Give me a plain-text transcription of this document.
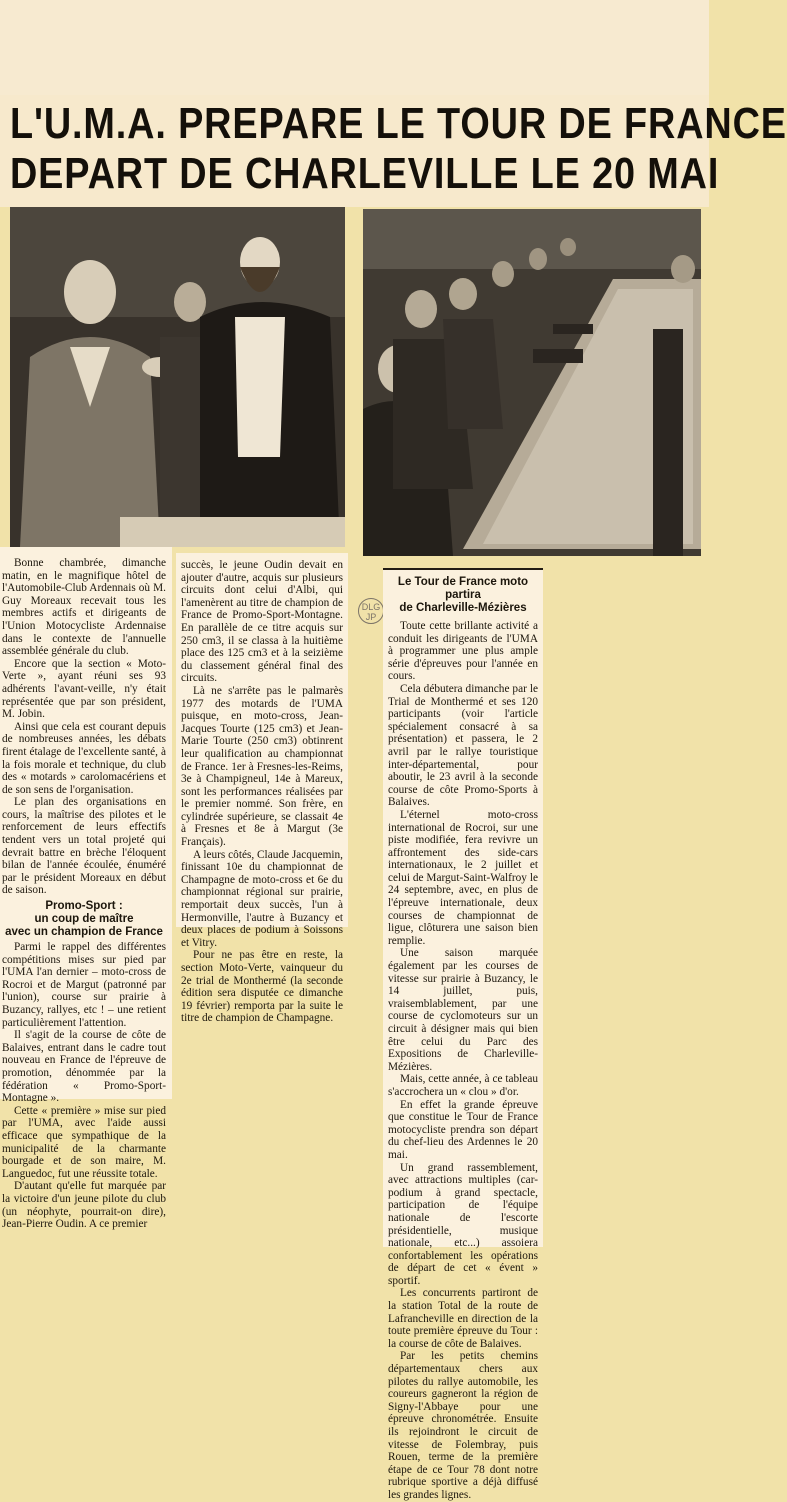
L'U.M.A. PREPARE LE TOUR DE FRANCE
DEPART DE CHARLEVILLE LE 20 MAI

Bonne chambrée, dimanche matin, en le magnifique hôtel de l'Automobile-Club Ardennais où M. Guy Moreaux recevait tous les membres actifs et dirigeants de l'Union Motocycliste Ardennaise dans le contexte de l'annuelle assemblée générale du club.

Encore que la section « Moto-Verte », ayant réuni ses 93 adhérents l'avant-veille, n'y était représentée que par son président, M. Jobin.

Ainsi que cela est courant depuis de nombreuses années, les débats firent étalage de l'excellente santé, à la fois morale et technique, du club des « motards » carolomacériens et de son sens de l'organisation.

Le plan des organisations en cours, la maîtrise des pilotes et le renforcement de leurs effectifs tendent vers un total projeté qui devrait battre en brèche l'éloquent bilan de l'année écoulée, énuméré par le président Moreaux en début de saison.

Promo-Sport :
un coup de maître
avec un champion de France

Parmi le rappel des différentes compétitions mises sur pied par l'UMA l'an dernier – moto-cross de Rocroi et de Margut (patronné par l'union), course sur prairie à Buzancy, rallyes, etc ! – une retient particulièrement l'attention.

Il s'agit de la course de côte de Balaives, entrant dans le cadre tout nouveau en France de l'épreuve de promotion, dénommée par la fédération « Promo-Sport-Montagne ».

Cette « première » mise sur pied par l'UMA, avec l'aide aussi efficace que sympathique de la municipalité de la charmante bourgade et de son maire, M. Languedoc, fut une réussite totale.

D'autant qu'elle fut marquée par la victoire d'un jeune pilote du club (un néophyte, pourrait-on dire), Jean-Pierre Oudin. A ce premier

succès, le jeune Oudin devait en ajouter d'autre, acquis sur plusieurs circuits dont celui d'Albi, qui l'amenèrent au titre de champion de France de Promo-Sport-Montagne. En parallèle de ce titre acquis sur 250 cm3, il se classa à la huitième place des 125 cm3 et à la seizième du classement général final des circuits.

Là ne s'arrête pas le palmarès 1977 des motards de l'UMA puisque, en moto-cross, Jean-Jacques Tourte (125 cm3) et Jean-Marie Tourte (250 cm3) obtinrent leur qualification au championnat de France. 1er à Fresnes-les-Reims, 3e à Champigneul, 14e à Mareux, sont les performances réalisées par le premier nommé. Son frère, en cylindrée supérieure, se classait 4e à Fresnes et 8e à Margut (3e Français).

A leurs côtés, Claude Jacquemin, finissant 10e du championnat de Champagne de moto-cross et 6e du championnat régional sur prairie, remportait deux succès, l'un à Hermonville, l'autre à Buzancy et deux places de podium à Soissons et Vitry.

Pour ne pas être en reste, la section Moto-Verte, vainqueur du 2e trial de Monthermé (la seconde édition sera disputée ce dimanche 19 février) remporta par la suite le titre de champion de Champagne.

DLG JP
Le Tour de France moto
partira
de Charleville-Mézières

Toute cette brillante activité a conduit les dirigeants de l'UMA à programmer une plus ample série d'épreuves pour l'année en cours.

Cela débutera dimanche par le Trial de Monthermé et ses 120 participants (voir l'article spécialement consacré à sa présentation) et passera, le 2 avril par le rallye touristique inter-départemental, pour aboutir, le 23 avril à la seconde course de côte Promo-Sports à Balaives.

L'éternel moto-cross international de Rocroi, sur une piste modifiée, fera revivre un affrontement des side-cars internationaux, le 2 juillet et celui de Margut-Saint-Walfroy le 24 septembre, avec, en plus de l'épreuve internationale, deux courses de championnat de ligue, clôturera une saison bien remplie.

Une saison marquée également par les courses de vitesse sur prairie à Buzancy, le 14 juillet, puis, vraisemblablement, par une course de cyclomoteurs sur un circuit à désigner mais qui bien être celui du Parc des Expositions de Charleville-Mézières.

Mais, cette année, à ce tableau s'accrochera un « clou » d'or.

En effet la grande épreuve que constitue le Tour de France motocycliste prendra son départ du chef-lieu des Ardennes le 20 mai.

Un grand rassemblement, avec attractions multiples (car-podium à grand spectacle, participation de l'équipe nationale de l'escorte présidentielle, musique nationale, etc...) assoiera confortablement les opérations de départ de cet « évent » sportif.

Les concurrents partiront de la station Total de la route de Lafrancheville en direction de la toute première épreuve du Tour : la course de côte de Balaives.

Par les petits chemins départementaux chers aux pilotes du rallye automobile, les coureurs gagneront la région de Signy-l'Abbaye pour une épreuve chronométrée. Ensuite ils rejoindront le circuit de vitesse de Folembray, puis Rouen, terme de la première étape de ce Tour 78 dont notre rubrique sportive a déjà diffusé les grandes lignes.
